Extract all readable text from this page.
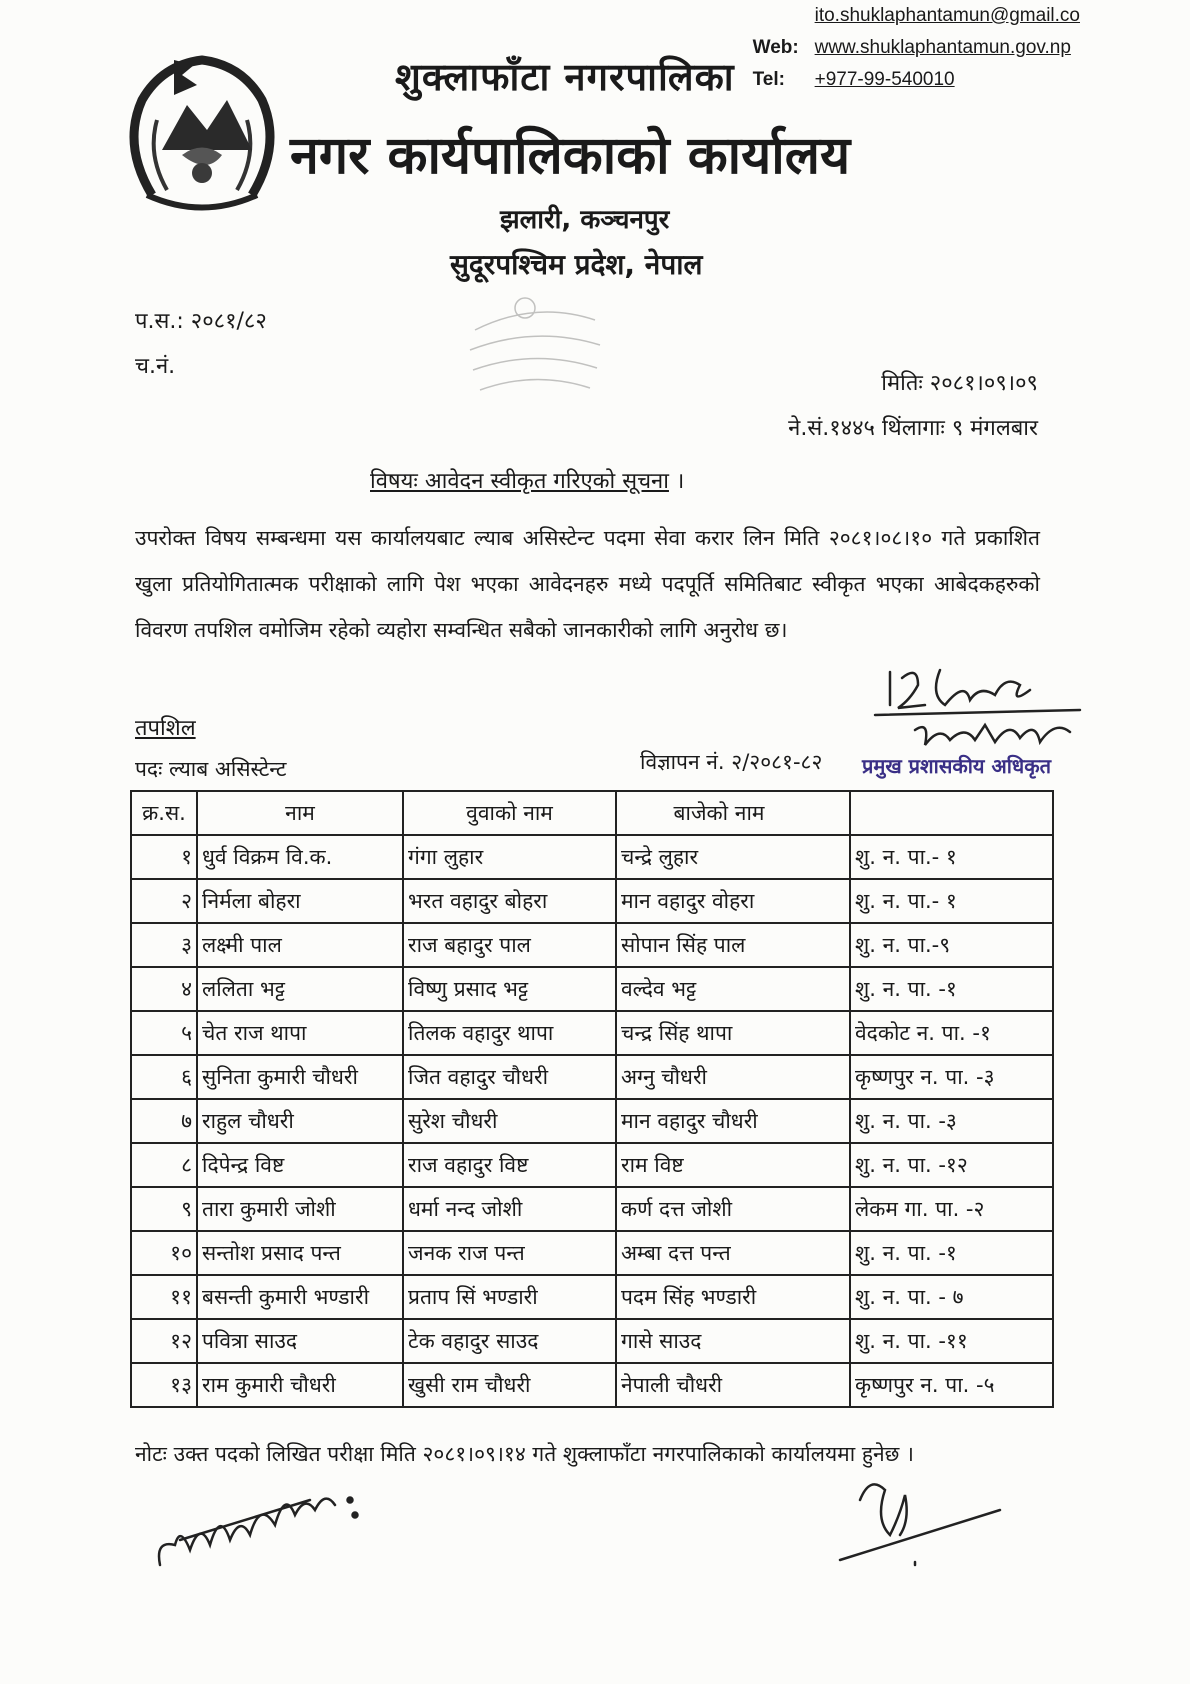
ito.shuklaphantamun@gmail.co
Web: www.shuklaphantamun.gov.np
Tel:	+977-99-540010
शुक्लाफाँटा नगरपालिका
नगर कार्यपालिकाको कार्यालय
झलारी, कञ्चनपुर
सुदूरपश्चिम प्रदेश, नेपाल
प.स.: २०८१/८२
च.नं.
मितिः २०८१।०९।०९
ने.सं.१४४५ थिंलागाः ९ मंगलबार
विषयः आवेदन स्वीकृत गरिएको सूचना ।
उपरोक्त विषय सम्बन्धमा यस कार्यालयबाट ल्याब असिस्टेन्ट पदमा सेवा करार लिन मिति २०८१।०८।१० गते प्रकाशित खुला प्रतियोगितात्मक परीक्षाको लागि पेश भएका आवेदनहरु मध्ये पदपूर्ति समितिबाट स्वीकृत भएका आबेदकहरुको विवरण तपशिल वमोजिम रहेको व्यहोरा सम्वन्धित सबैको जानकारीको लागि अनुरोध छ।
तपशिल
पदः ल्याब असिस्टेन्ट	विज्ञापन नं. २/२०८१-८२ प्रमुख प्रशासकीय अधिकृत
क्र.स.	नाम	वुवाको नाम	बाजेको नाम	
१	धुर्व विक्रम वि.क.	गंगा लुहार	चन्द्रे लुहार	शु. न. पा.- १
२	निर्मला बोहरा	भरत वहादुर बोहरा	मान वहादुर वोहरा	शु. न. पा.- १
३	लक्ष्मी पाल	राज बहादुर पाल	सोपान सिंह पाल	शु. न. पा.-९
४	ललिता भट्ट	विष्णु प्रसाद भट्ट	वल्देव भट्ट	शु. न. पा. -१
५	चेत राज थापा	तिलक वहादुर थापा	चन्द्र सिंह थापा	वेदकोट न. पा. -१
६	सुनिता कुमारी चौधरी	जित वहादुर चौधरी	अग्नु चौधरी	कृष्णपुर न. पा. -३
७	राहुल चौधरी	सुरेश चौधरी	मान वहादुर चौधरी	शु. न. पा. -३
८	दिपेन्द्र विष्ट	राज वहादुर विष्ट	राम विष्ट	शु. न. पा. -१२
९	तारा कुमारी जोशी	धर्मा नन्द जोशी	कर्ण दत्त जोशी	लेकम गा. पा. -२
१०	सन्तोश प्रसाद पन्त	जनक राज पन्त	अम्बा दत्त पन्त	शु. न. पा. -१
११	बसन्ती कुमारी भण्डारी	प्रताप सिं भण्डारी	पदम सिंह भण्डारी	शु. न. पा. - ७
१२	पवित्रा साउद	टेक वहादुर साउद	गासे साउद	शु. न. पा. -११
१३	राम कुमारी चौधरी	खुसी राम चौधरी	नेपाली चौधरी	कृष्णपुर न. पा. -५
नोटः उक्त पदको लिखित परीक्षा मिति २०८१।०९।१४ गते शुक्लाफाँटा नगरपालिकाको कार्यालयमा हुनेछ ।
